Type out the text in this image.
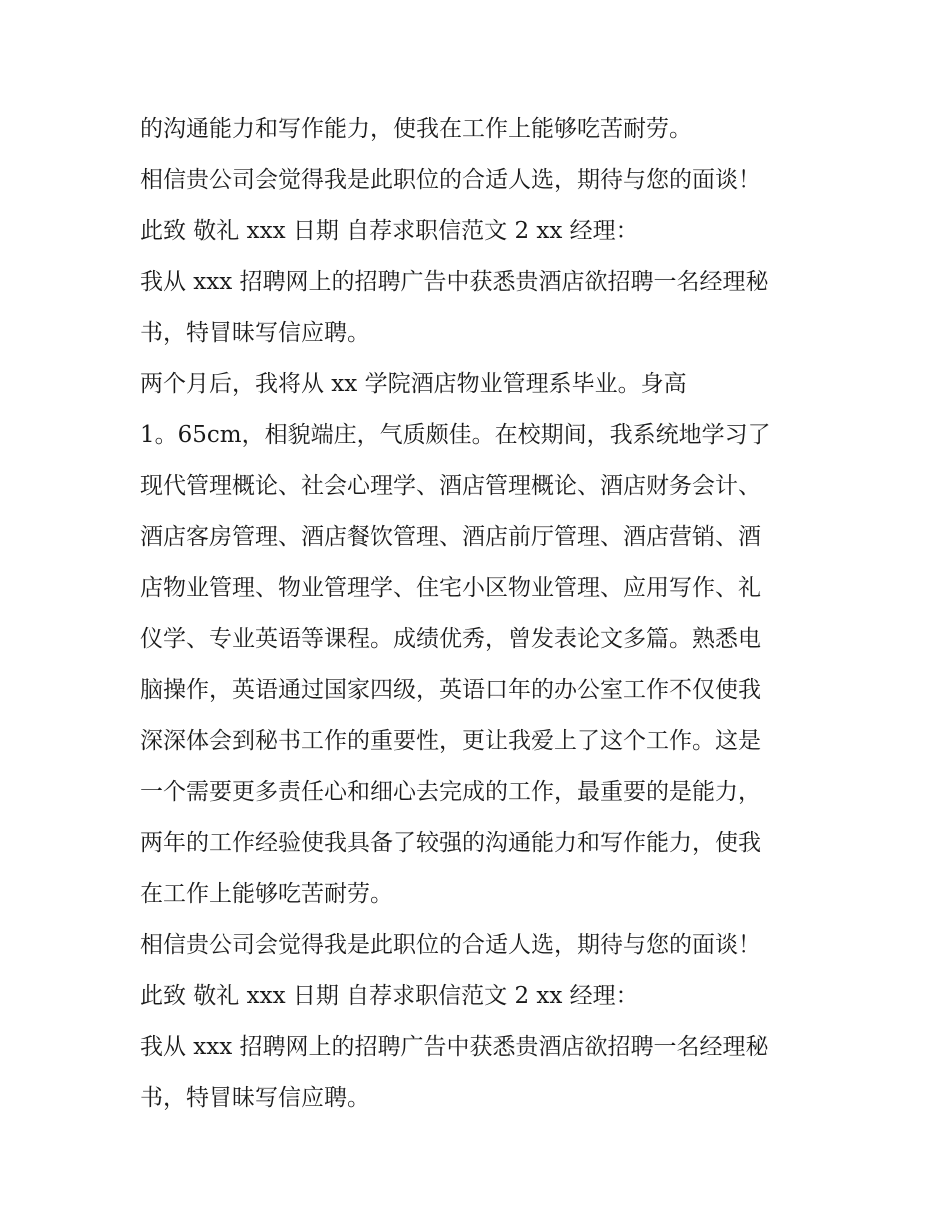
的沟通能力和写作能力，使我在工作上能够吃苦耐劳。
相信贵公司会觉得我是此职位的合适人选，期待与您的面谈！
此致 敬礼 xxx 日期 自荐求职信范文 2 xx 经理：
我从 xxx 招聘网上的招聘广告中获悉贵酒店欲招聘一名经理秘
书，特冒昧写信应聘。
两个月后，我将从 xx 学院酒店物业管理系毕业。身高
1。65cm，相貌端庄，气质颇佳。在校期间，我系统地学习了
现代管理概论、社会心理学、酒店管理概论、酒店财务会计、
酒店客房管理、酒店餐饮管理、酒店前厅管理、酒店营销、酒
店物业管理、物业管理学、住宅小区物业管理、应用写作、礼
仪学、专业英语等课程。成绩优秀，曾发表论文多篇。熟悉电
脑操作，英语通过国家四级，英语口年的办公室工作不仅使我
深深体会到秘书工作的重要性，更让我爱上了这个工作。这是
一个需要更多责任心和细心去完成的工作，最重要的是能力，
两年的工作经验使我具备了较强的沟通能力和写作能力，使我
在工作上能够吃苦耐劳。
相信贵公司会觉得我是此职位的合适人选，期待与您的面谈！
此致 敬礼 xxx 日期 自荐求职信范文 2 xx 经理：
我从 xxx 招聘网上的招聘广告中获悉贵酒店欲招聘一名经理秘
书，特冒昧写信应聘。
